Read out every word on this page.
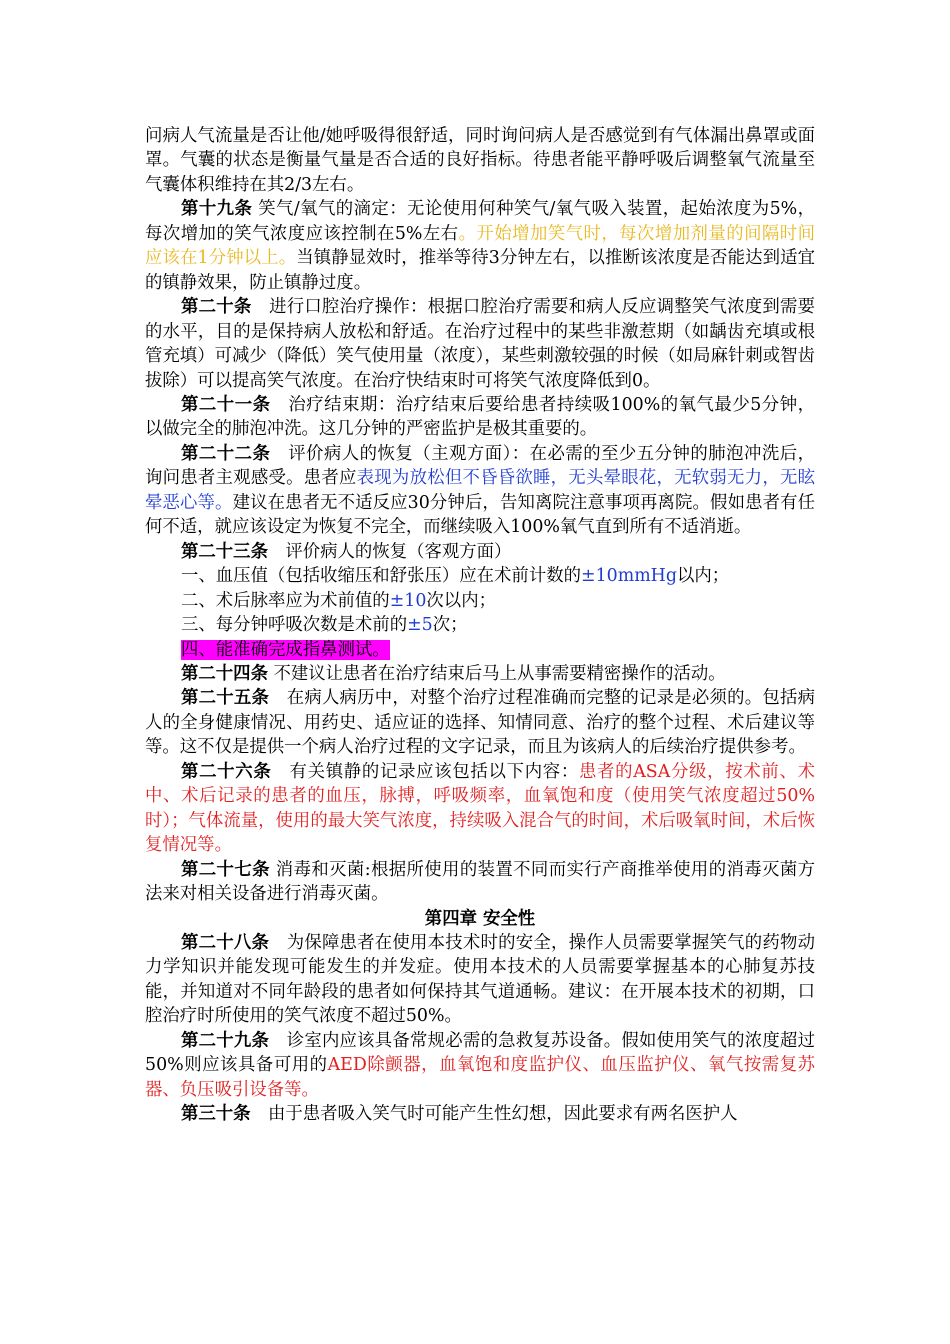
问病人气流量是否让他/她呼吸得很舒适，同时询问病人是否感觉到有气体漏出鼻罩或面罩。气囊的状态是衡量气量是否合适的良好指标。待患者能平静呼吸后调整氧气流量至气囊体积维持在其2/3左右。

第十九条 笑气/氧气的滴定：无论使用何种笑气/氧气吸入装置，起始浓度为5%，每次增加的笑气浓度应该控制在5%左右。开始增加笑气时，每次增加剂量的间隔时间应该在1分钟以上。当镇静显效时，推举等待3分钟左右，以推断该浓度是否能达到适宜的镇静效果，防止镇静过度。

第二十条　进行口腔治疗操作：根据口腔治疗需要和病人反应调整笑气浓度到需要的水平，目的是保持病人放松和舒适。在治疗过程中的某些非激惹期（如龋齿充填或根管充填）可减少（降低）笑气使用量（浓度），某些刺激较强的时候（如局麻针刺或智齿拔除）可以提高笑气浓度。在治疗快结束时可将笑气浓度降低到0。

第二十一条　治疗结束期：治疗结束后要给患者持续吸100%的氧气最少5分钟，以做完全的肺泡冲洗。这几分钟的严密监护是极其重要的。

第二十二条　评价病人的恢复（主观方面）：在必需的至少五分钟的肺泡冲洗后，询问患者主观感受。患者应表现为放松但不昏昏欲睡，无头晕眼花，无软弱无力，无眩晕恶心等。建议在患者无不适反应30分钟后，告知离院注意事项再离院。假如患者有任何不适，就应该设定为恢复不完全，而继续吸入100%氧气直到所有不适消逝。

第二十三条　评价病人的恢复（客观方面）

一、血压值（包括收缩压和舒张压）应在术前计数的±10mmHg以内；

二、术后脉率应为术前值的±10次以内；

三、每分钟呼吸次数是术前的±5次；

四、能准确完成指鼻测试。

第二十四条 不建议让患者在治疗结束后马上从事需要精密操作的活动。

第二十五条　在病人病历中，对整个治疗过程准确而完整的记录是必须的。包括病人的全身健康情况、用药史、适应证的选择、知情同意、治疗的整个过程、术后建议等等。这不仅是提供一个病人治疗过程的文字记录，而且为该病人的后续治疗提供参考。

第二十六条　有关镇静的记录应该包括以下内容：患者的ASA分级，按术前、术中、术后记录的患者的血压，脉搏，呼吸频率，血氧饱和度（使用笑气浓度超过50%时）；气体流量，使用的最大笑气浓度，持续吸入混合气的时间，术后吸氧时间，术后恢复情况等。

第二十七条 消毒和灭菌:根据所使用的装置不同而实行产商推举使用的消毒灭菌方法来对相关设备进行消毒灭菌。

第四章 安全性

第二十八条　为保障患者在使用本技术时的安全，操作人员需要掌握笑气的药物动力学知识并能发现可能发生的并发症。使用本技术的人员需要掌握基本的心肺复苏技能，并知道对不同年龄段的患者如何保持其气道通畅。建议：在开展本技术的初期，口腔治疗时所使用的笑气浓度不超过50%。

第二十九条　诊室内应该具备常规必需的急救复苏设备。假如使用笑气的浓度超过50%则应该具备可用的AED除颤器，血氧饱和度监护仪、血压监护仪、氧气按需复苏器、负压吸引设备等。

第三十条　由于患者吸入笑气时可能产生性幻想，因此要求有两名医护人
